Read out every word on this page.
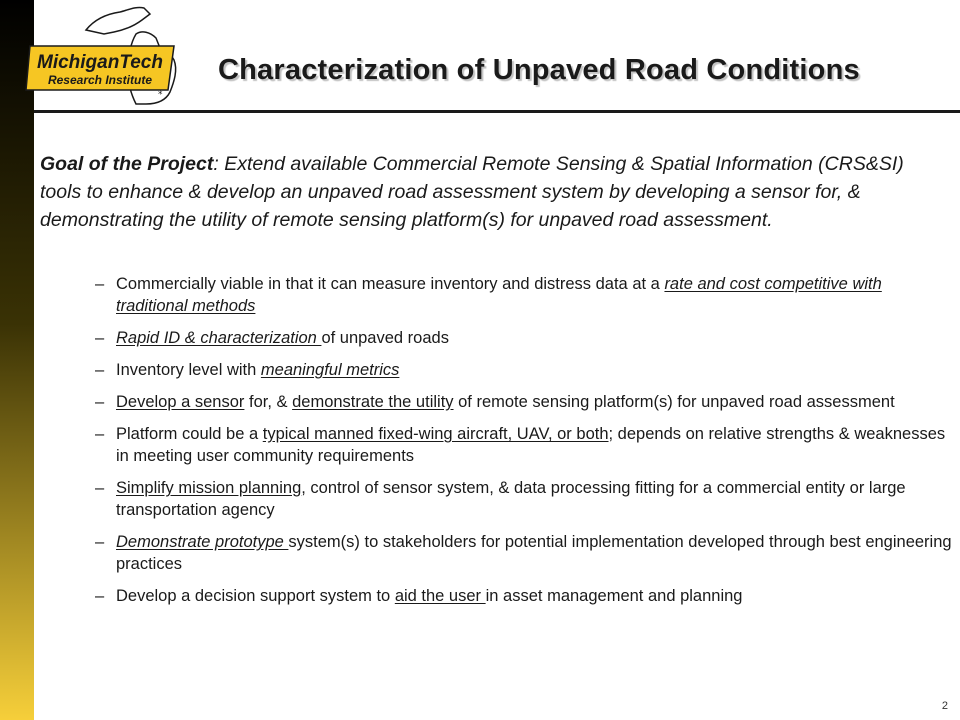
*
MichiganTech
Research Institute Characterization of Unpaved Road Conditions

Goal of the Project: Extend available Commercial Remote Sensing & Spatial Information (CRS&SI) tools to enhance & develop an unpaved road assessment system by developing a sensor for, & demonstrating the utility of remote sensing platform(s) for unpaved road assessment.

– Commercially viable in that it can measure inventory and distress data at a rate and cost competitive with traditional methods
– Rapid ID & characterization of unpaved roads
– Inventory level with meaningful metrics
– Develop a sensor for, & demonstrate the utility of remote sensing platform(s) for unpaved road assessment
– Platform could be a typical manned fixed-wing aircraft, UAV, or both; depends on relative strengths & weaknesses in meeting user community requirements
– Simplify mission planning, control of sensor system, & data processing fitting for a commercial entity or large transportation agency
– Demonstrate prototype system(s) to stakeholders for potential implementation developed through best engineering practices
– Develop a decision support system to aid the user in asset management and planning
2
